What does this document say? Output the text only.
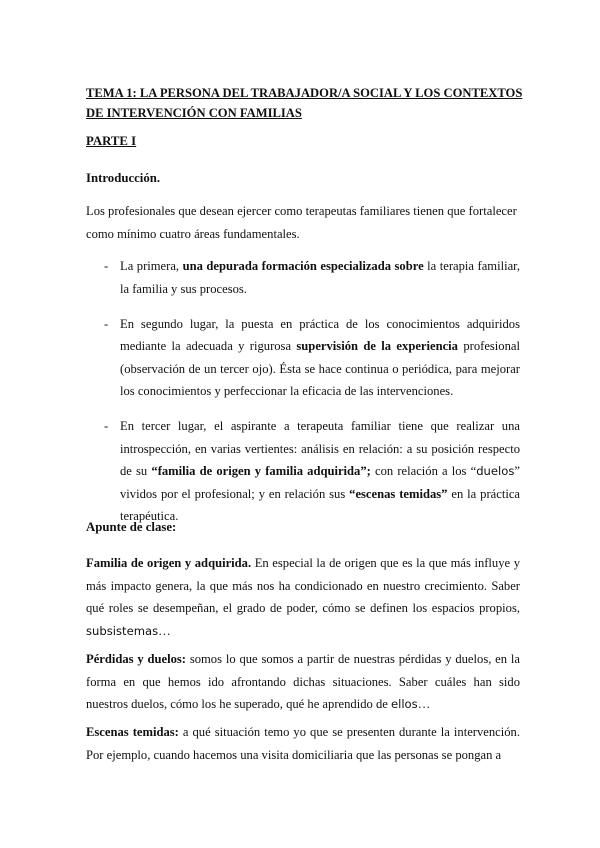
TEMA 1: LA PERSONA DEL TRABAJADOR/A SOCIAL Y LOS CONTEXTOS DE INTERVENCIÓN CON FAMILIAS
PARTE I
Introducción.
Los profesionales que desean ejercer como terapeutas familiares tienen que fortalecer como mínimo cuatro áreas fundamentales.
- La primera, una depurada formación especializada sobre la terapia familiar, la familia y sus procesos.
- En segundo lugar, la puesta en práctica de los conocimientos adquiridos mediante la adecuada y rigurosa supervisión de la experiencia profesional (observación de un tercer ojo). Ésta se hace continua o periódica, para mejorar los conocimientos y perfeccionar la eficacia de las intervenciones.
- En tercer lugar, el aspirante a terapeuta familiar tiene que realizar una introspección, en varias vertientes: análisis en relación: a su posición respecto de su “familia de origen y familia adquirida”; con relación a los “duelos” vividos por el profesional; y en relación sus “escenas temidas” en la práctica terapéutica.
Apunte de clase:
Familia de origen y adquirida. En especial la de origen que es la que más influye y más impacto genera, la que más nos ha condicionado en nuestro crecimiento. Saber qué roles se desempeñan, el grado de poder, cómo se definen los espacios propios, subsistemas…
Pérdidas y duelos: somos lo que somos a partir de nuestras pérdidas y duelos, en la forma en que hemos ido afrontando dichas situaciones. Saber cuáles han sido nuestros duelos, cómo los he superado, qué he aprendido de ellos…
Escenas temidas: a qué situación temo yo que se presenten durante la intervención. Por ejemplo, cuando hacemos una visita domiciliaria que las personas se pongan a
